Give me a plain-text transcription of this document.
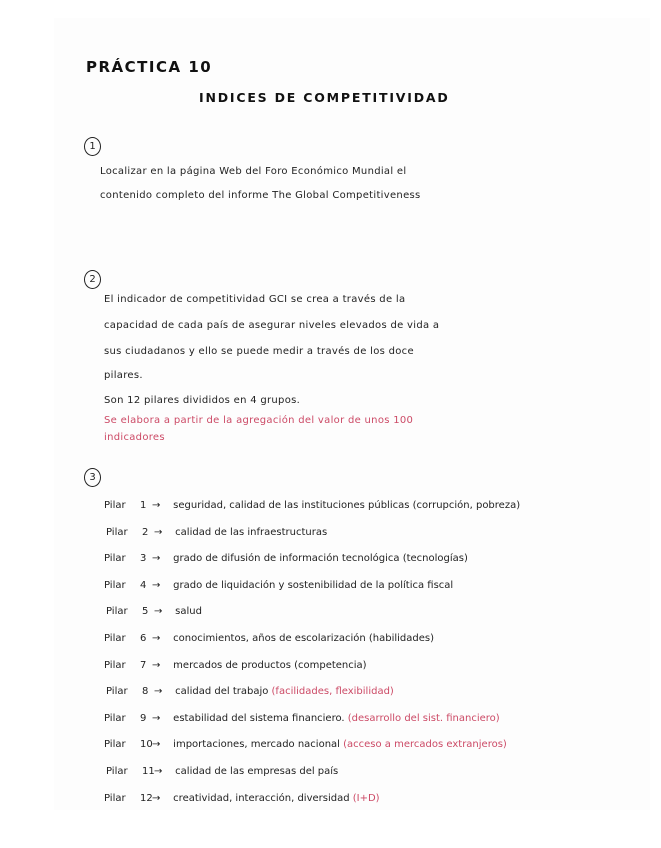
PRÁCTICA 10
INDICES DE COMPETITIVIDAD
1
Localizar en la página Web del Foro Económico Mundial el
contenido completo del informe The Global Competitiveness
2
El indicador de competitividad GCI se crea a través de la
capacidad de cada país de asegurar niveles elevados de vida a
sus ciudadanos y ello se puede medir a través de los doce
pilares.
Son 12 pilares divididos en 4 grupos.
Se elabora a partir de la agregación del valor de unos 100
indicadores
3
Pilar 1→ seguridad, calidad de las instituciones públicas (corrupción, pobreza)
Pilar 2→ calidad de las infraestructuras
Pilar 3→ grado de difusión de información tecnológica (tecnologías)
Pilar 4→ grado de liquidación y sostenibilidad de la política fiscal
Pilar 5→ salud
Pilar 6→ conocimientos, años de escolarización (habilidades)
Pilar 7→ mercados de productos (competencia)
Pilar 8→ calidad del trabajo (facilidades, flexibilidad)
Pilar 9→ estabilidad del sistema financiero. (desarrollo del sist. financiero)
Pilar 10→ importaciones, mercado nacional (acceso a mercados extranjeros)
Pilar 11→ calidad de las empresas del país
Pilar 12→ creatividad, interacción, diversidad (I+D)
